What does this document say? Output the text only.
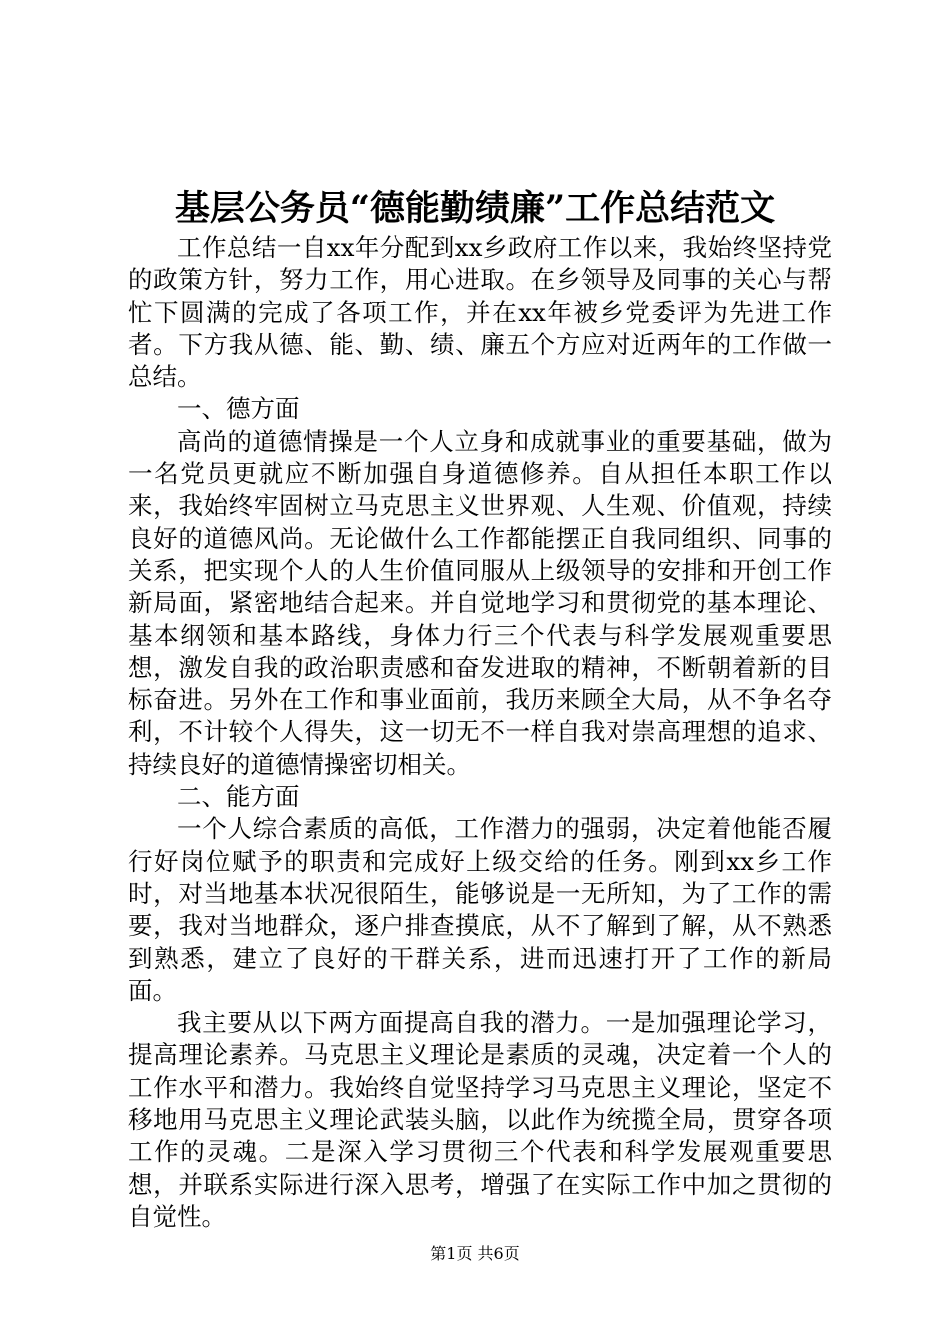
基层公务员“德能勤绩廉”工作总结范文

工作总结一自xx年分配到xx乡政府工作以来，我始终坚持党的政策方针，努力工作，用心进取。在乡领导及同事的关心与帮忙下圆满的完成了各项工作，并在xx年被乡党委评为先进工作者。下方我从德、能、勤、绩、廉五个方应对近两年的工作做一总结。

一、德方面

高尚的道德情操是一个人立身和成就事业的重要基础，做为一名党员更就应不断加强自身道德修养。自从担任本职工作以来，我始终牢固树立马克思主义世界观、人生观、价值观，持续良好的道德风尚。无论做什么工作都能摆正自我同组织、同事的关系，把实现个人的人生价值同服从上级领导的安排和开创工作新局面，紧密地结合起来。并自觉地学习和贯彻党的基本理论、基本纲领和基本路线，身体力行三个代表与科学发展观重要思想，激发自我的政治职责感和奋发进取的精神，不断朝着新的目标奋进。另外在工作和事业面前，我历来顾全大局，从不争名夺利，不计较个人得失，这一切无不一样自我对崇高理想的追求、持续良好的道德情操密切相关。

二、能方面

一个人综合素质的高低，工作潜力的强弱，决定着他能否履行好岗位赋予的职责和完成好上级交给的任务。刚到xx乡工作时，对当地基本状况很陌生，能够说是一无所知，为了工作的需要，我对当地群众，逐户排查摸底，从不了解到了解，从不熟悉到熟悉，建立了良好的干群关系，进而迅速打开了工作的新局面。

我主要从以下两方面提高自我的潜力。一是加强理论学习，提高理论素养。马克思主义理论是素质的灵魂，决定着一个人的工作水平和潜力。我始终自觉坚持学习马克思主义理论，坚定不移地用马克思主义理论武装头脑，以此作为统揽全局，贯穿各项工作的灵魂。二是深入学习贯彻三个代表和科学发展观重要思想，并联系实际进行深入思考，增强了在实际工作中加之贯彻的自觉性。

第1页 共6页
